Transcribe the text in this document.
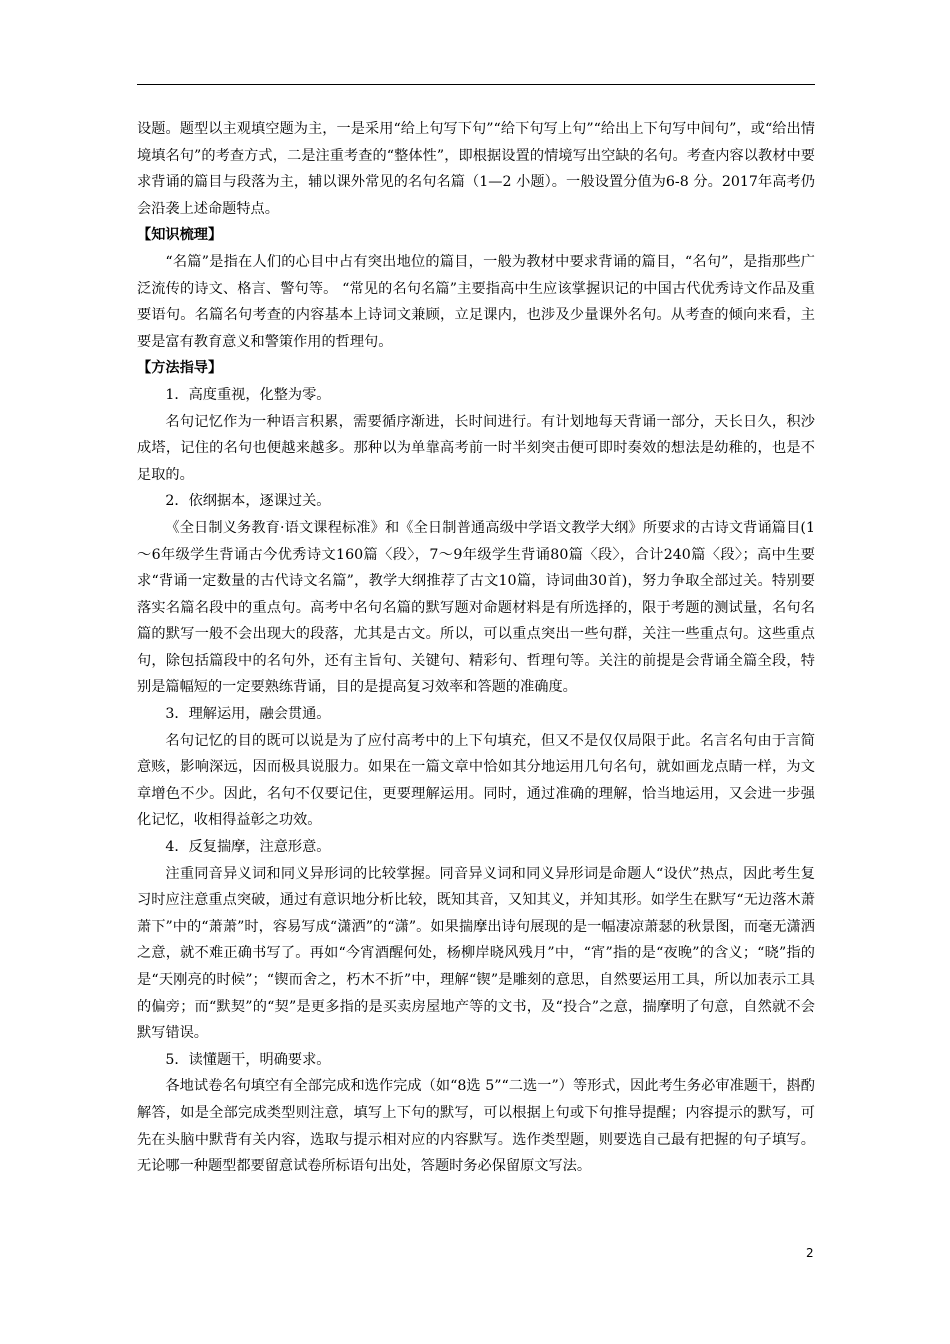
设题。题型以主观填空题为主，一是采用“给上句写下句”“给下句写上句”“给出上下句写中间句”，或“给出情境填名句”的考查方式，二是注重考查的“整体性”，即根据设置的情境写出空缺的名句。考查内容以教材中要求背诵的篇目与段落为主，辅以课外常见的名句名篇（1—2 小题）。一般设置分值为6-8 分。2017年高考仍会沿袭上述命题特点。

【知识梳理】

“名篇”是指在人们的心目中占有突出地位的篇目，一般为教材中要求背诵的篇目，“名句”，是指那些广泛流传的诗文、格言、警句等。 “常见的名句名篇”主要指高中生应该掌握识记的中国古代优秀诗文作品及重要语句。名篇名句考查的内容基本上诗词文兼顾，立足课内，也涉及少量课外名句。从考查的倾向来看，主要是富有教育意义和警策作用的哲理句。

【方法指导】

1．高度重视，化整为零。

名句记忆作为一种语言积累，需要循序渐进，长时间进行。有计划地每天背诵一部分，天长日久，积沙成塔，记住的名句也便越来越多。那种以为单靠高考前一时半刻突击便可即时奏效的想法是幼稚的，也是不足取的。

2．依纲据本，逐课过关。

《全日制义务教育·语文课程标准》和《全日制普通高级中学语文教学大纲》所要求的古诗文背诵篇目(1～6年级学生背诵古今优秀诗文160篇〈段〉，7～9年级学生背诵80篇〈段〉，合计240篇〈段〉；高中生要求“背诵一定数量的古代诗文名篇”，教学大纲推荐了古文10篇，诗词曲30首)，努力争取全部过关。特别要落实名篇名段中的重点句。高考中名句名篇的默写题对命题材料是有所选择的，限于考题的测试量，名句名篇的默写一般不会出现大的段落，尤其是古文。所以，可以重点突出一些句群，关注一些重点句。这些重点句，除包括篇段中的名句外，还有主旨句、关键句、精彩句、哲理句等。关注的前提是会背诵全篇全段，特别是篇幅短的一定要熟练背诵，目的是提高复习效率和答题的准确度。

3．理解运用，融会贯通。

名句记忆的目的既可以说是为了应付高考中的上下句填充，但又不是仅仅局限于此。名言名句由于言简意赅，影响深远，因而极具说服力。如果在一篇文章中恰如其分地运用几句名句，就如画龙点睛一样，为文章增色不少。因此，名句不仅要记住，更要理解运用。同时，通过准确的理解，恰当地运用，又会进一步强化记忆，收相得益彰之功效。

4．反复揣摩，注意形意。

注重同音异义词和同义异形词的比较掌握。同音异义词和同义异形词是命题人“设伏”热点，因此考生复习时应注意重点突破，通过有意识地分析比较，既知其音，又知其义，并知其形。如学生在默写“无边落木萧萧下”中的“萧萧”时，容易写成“潇洒”的“潇”。如果揣摩出诗句展现的是一幅凄凉萧瑟的秋景图，而毫无潇洒之意，就不难正确书写了。再如“今宵酒醒何处，杨柳岸晓风残月”中，“宵”指的是“夜晚”的含义；“晓”指的是“天刚亮的时候”；“锲而舍之，朽木不折”中，理解“锲”是雕刻的意思，自然要运用工具，所以加表示工具的偏旁；而“默契”的“契”是更多指的是买卖房屋地产等的文书，及“投合”之意，揣摩明了句意，自然就不会默写错误。

5．读懂题干，明确要求。

各地试卷名句填空有全部完成和选作完成（如“8选 5”“二选一”）等形式，因此考生务必审准题干，斟酌解答，如是全部完成类型则注意，填写上下句的默写，可以根据上句或下句推导提醒；内容提示的默写，可先在头脑中默背有关内容，选取与提示相对应的内容默写。选作类型题，则要选自己最有把握的句子填写。无论哪一种题型都要留意试卷所标语句出处，答题时务必保留原文写法。

2
